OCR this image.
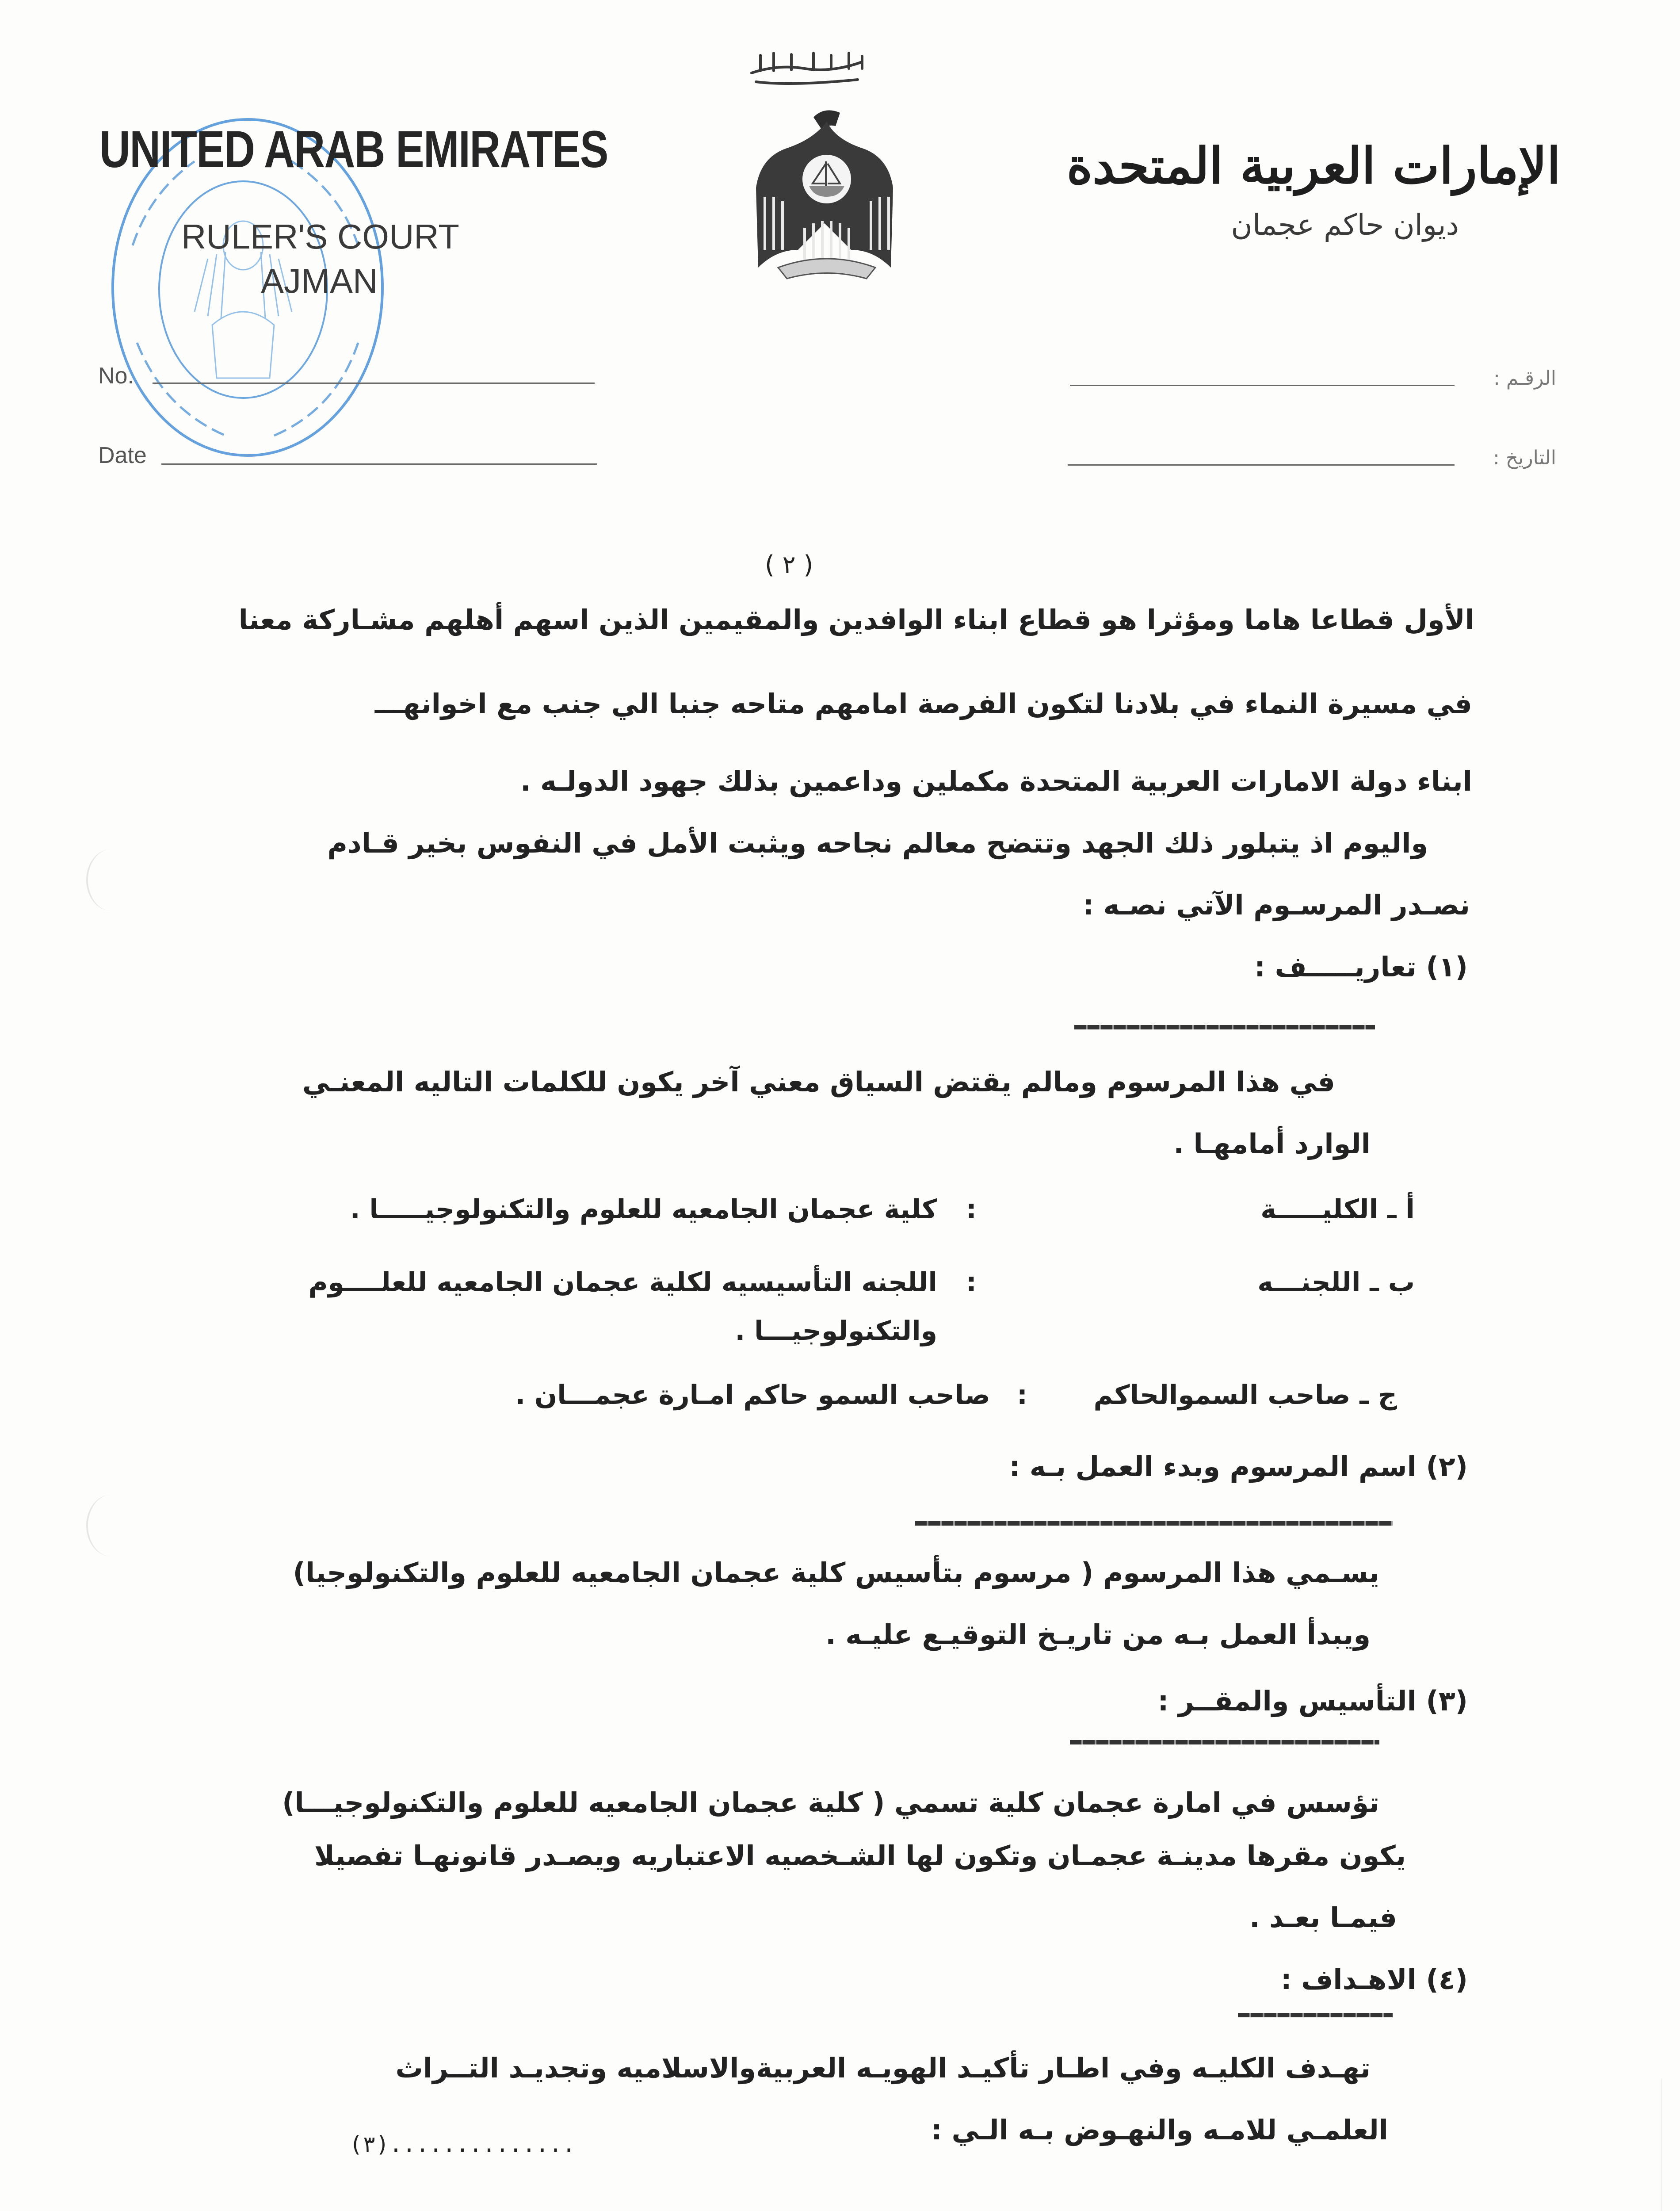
UNITED ARAB EMIRATES
RULER'S COURT
AJMAN
No.
Date
الإمارات العربية المتحدة
ديوان حاكم عجمان
الرقـم :
التاريخ :
( ٢ )
الأول قطاعا هاما ومؤثرا هو قطاع ابناء الوافدين والمقيمين الذين اسهم أهلهم مشـاركة معنا
في مسيرة النماء في بلادنا لتكون الفرصة امامهم متاحه جنبا الي جنب مع اخوانهـــ
ابناء دولة الامارات العربية المتحدة مكملين وداعمين بذلك جهود الدولـه .
واليوم اذ يتبلور ذلك الجهد وتتضح معالم نجاحه ويثبت الأمل في النفوس بخير قـادم
نصـدر المرسـوم الآتي نصـه :
(١) تعاريـــــف :
في هذا المرسوم ومالم يقتض السياق معني آخر يكون للكلمات التاليه المعنـي
الوارد أمامهـا .
أ ـ الكليـــــة
:
كلية عجمان الجامعيه للعلوم والتكنولوجيـــــا .
ب ـ اللجنـــه
:
اللجنه التأسيسيه لكلية عجمان الجامعيه للعلــــوم
والتكنولوجيـــا .
ج ـ صاحب السموالحاكم
:
صاحب السمو حاكم امـارة عجمـــان .
(٢) اسم المرسوم وبدء العمل بـه :
يسـمي هذا المرسوم ( مرسوم بتأسيس كلية عجمان الجامعيه للعلوم والتكنولوجيا)
ويبدأ العمل بـه من تاريـخ التوقيـع عليـه .
(٣) التأسيس والمقــر :
تؤسس في امارة عجمان كلية تسمي ( كلية عجمان الجامعيه للعلوم والتكنولوجيـــا)
يكون مقرها مدينـة عجمـان وتكون لها الشـخصيه الاعتباريه ويصـدر قانونهـا تفصيلا
فيمـا بعـد .
(٤) الاهـداف :
تهـدف الكليـه وفي اطـار تأكيـد الهويـه العربيةوالاسلاميه وتجديـد التــراث
العلمـي للامـه والنهـوض بـه الـي :
(٣)..............
